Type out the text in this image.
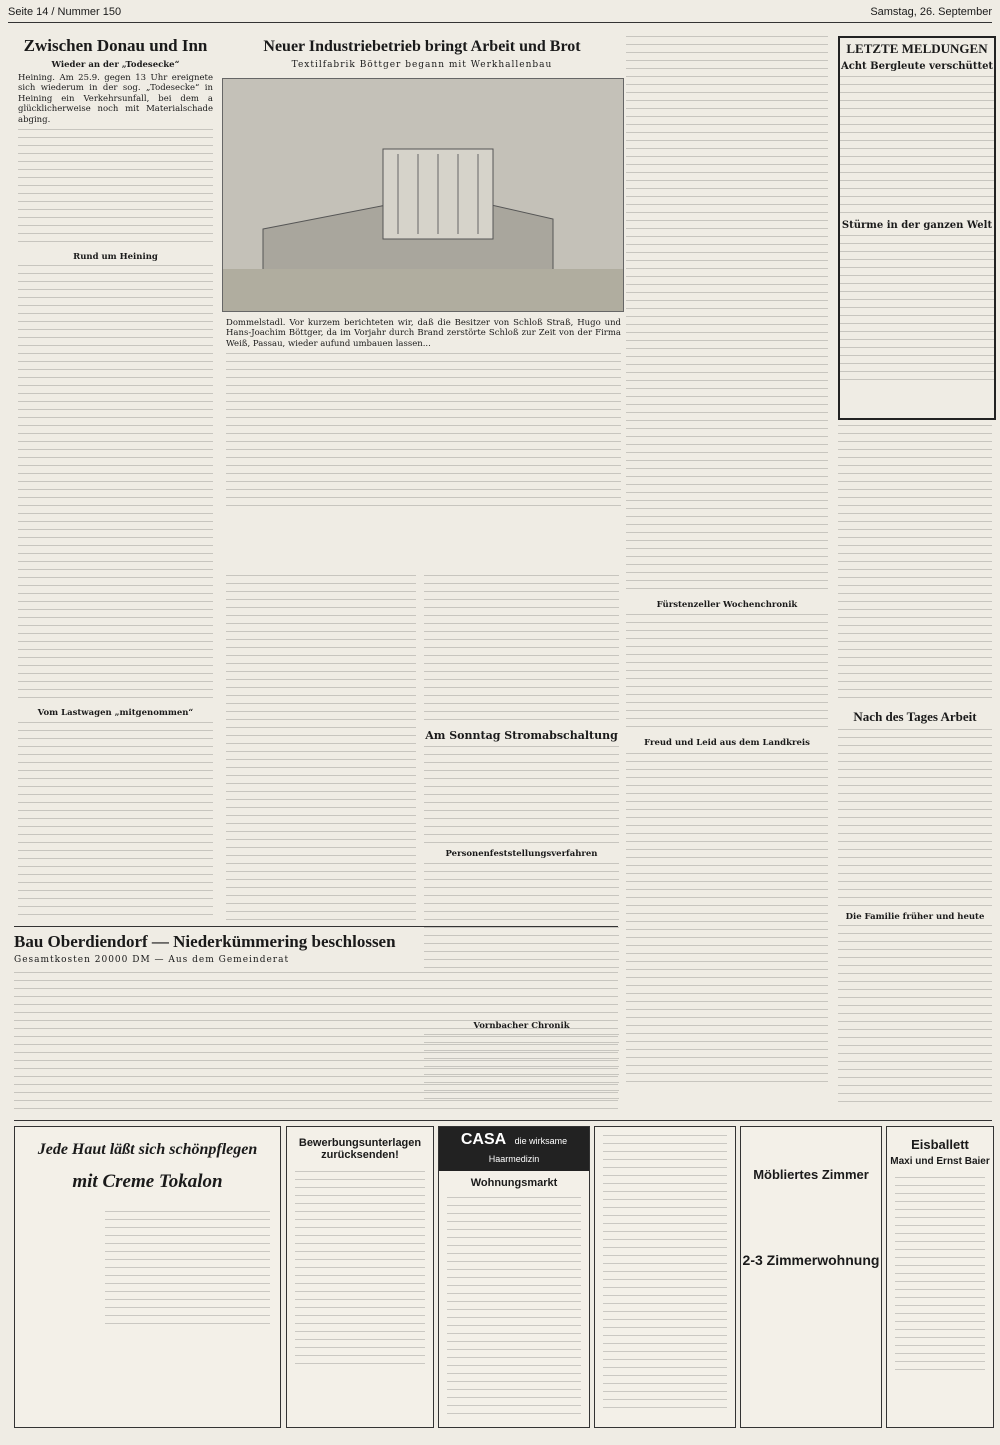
Seite 14 / Nummer 150	Samstag, 26. September
Zwischen Donau und Inn
Wieder an der „Todesecke“
Heining. Am 25.9. gegen 13 Uhr ereignete sich wiederum in der sog. „Todesecke“ in Heining ein Verkehrsunfall, bei dem a glücklicherweise noch mit Materialschade abging.
Rund um Heining
Vom Lastwagen „mitgenommen“
Neuer Industriebetrieb bringt Arbeit und Brot
Textilfabrik Böttger begann mit Werkhallenbau
Dommelstadl. Vor kurzem berichteten wir, daß die Besitzer von Schloß Straß, Hugo und Hans-Joachim Böttger, da im Vorjahr durch Brand zerstörte Schloß zur Zeit von der Firma Weiß, Passau, wieder aufund umbauen lassen...
Am Sonntag Stromabschaltung
Personenfeststellungsverfahren
Vornbacher Chronik
Fürstenzeller Wochenchronik
Freud und Leid aus dem Landkreis
LETZTE MELDUNGEN
Acht Bergleute verschüttet
Stürme in der ganzen Welt
Nach des Tages Arbeit
Die Familie früher und heute
Bau Oberdiendorf — Niederkümmering beschlossen
Gesamtkosten 20000 DM — Aus dem Gemeinderat
Jede Haut läßt sich schönpflegen
mit Creme Tokalon
Bewerbungsunterlagen zurücksenden!
CASA die wirksame Haarmedizin
Wohnungsmarkt
Möbliertes Zimmer
2-3 Zimmerwohnung
Eisballett
Maxi und Ernst Baier
